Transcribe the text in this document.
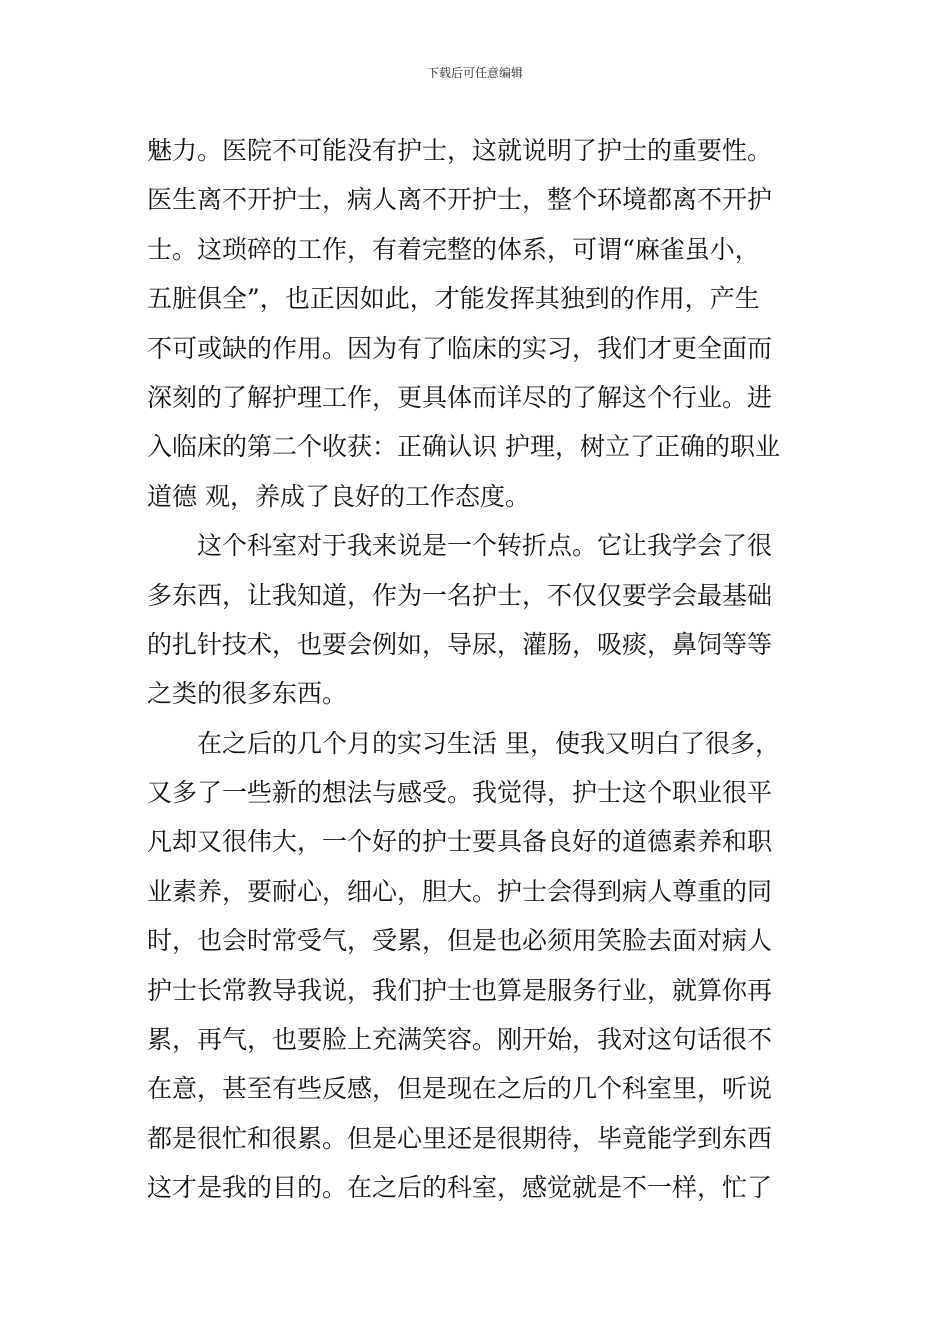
下载后可任意编辑
魅力。医院不可能没有护士，这就说明了护士的重要性。
医生离不开护士，病人离不开护士，整个环境都离不开护
士。这琐碎的工作，有着完整的体系，可谓“麻雀虽小，
五脏俱全”，也正因如此，才能发挥其独到的作用，产生
不可或缺的作用。因为有了临床的实习，我们才更全面而
深刻的了解护理工作，更具体而详尽的了解这个行业。进
入临床的第二个收获：正确认识 护理，树立了正确的职业
道德 观，养成了良好的工作态度。
　　这个科室对于我来说是一个转折点。它让我学会了很
多东西，让我知道，作为一名护士，不仅仅要学会最基础
的扎针技术，也要会例如，导尿，灌肠，吸痰，鼻饲等等
之类的很多东西。
　　在之后的几个月的实习生活 里，使我又明白了很多，
又多了一些新的想法与感受。我觉得，护士这个职业很平
凡却又很伟大，一个好的护士要具备良好的道德素养和职
业素养，要耐心，细心，胆大。护士会得到病人尊重的同
时，也会时常受气，受累，但是也必须用笑脸去面对病人
护士长常教导我说，我们护士也算是服务行业，就算你再
累，再气，也要脸上充满笑容。刚开始，我对这句话很不
在意，甚至有些反感，但是现在之后的几个科室里，听说
都是很忙和很累。但是心里还是很期待，毕竟能学到东西
这才是我的目的。在之后的科室，感觉就是不一样，忙了
